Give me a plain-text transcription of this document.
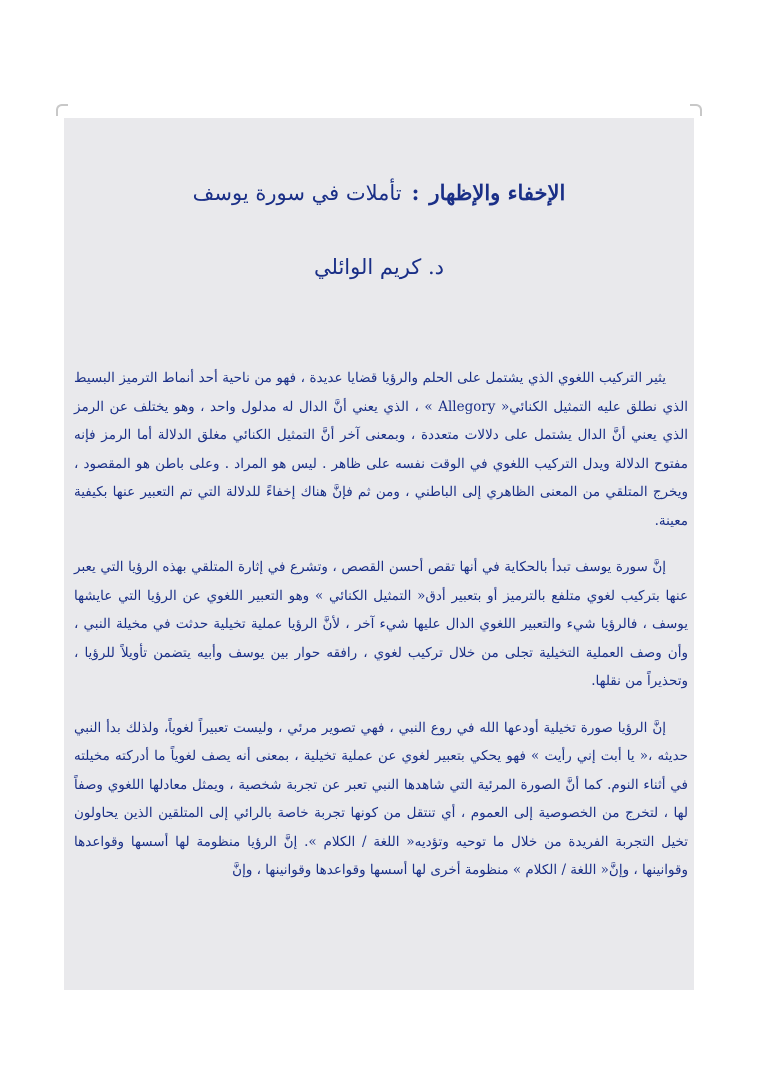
الإخفاء والإظهار:تأملات في سورة يوسف
د. كريم الوائلي

يثير التركيب اللغوي الذي يشتمل على الحلم والرؤيا قضايا عديدة ، فهو من ناحية أحد أنماط الترميز البسيط الذي نطلق عليه التمثيل الكنائي« Allegory » ، الذي يعني أنَّ الدال له مدلول واحد ، وهو يختلف عن الرمز الذي يعني أنَّ الدال يشتمل على دلالات متعددة ، وبمعنى آخر أنَّ التمثيل الكنائي مغلق الدلالة أما الرمز فإنه مفتوح الدلالة ويدل التركيب اللغوي في الوقت نفسه على ظاهر . ليس هو المراد . وعلى باطن هو المقصود ، ويخرج المتلقي من المعنى الظاهري إلى الباطني ، ومن ثم فإنَّ هناك إخفاءً للدلالة التي تم التعبير عنها بكيفية معينة.

إنَّ سورة يوسف تبدأ بالحكاية في أنها تقص أحسن القصص ، وتشرع في إثارة المتلقي بهذه الرؤيا التي يعبر عنها بتركيب لغوي متلفع بالترميز أو بتعبير أدق« التمثيل الكنائي » وهو التعبير اللغوي عن الرؤيا التي عايشها يوسف ، فالرؤيا شيء والتعبير اللغوي الدال عليها شيء آخر ، لأنَّ الرؤيا عملية تخيلية حدثت في مخيلة النبي ، وأن وصف العملية التخيلية تجلى من خلال تركيب لغوي ، رافقه حوار بين يوسف وأبيه يتضمن تأويلاً للرؤيا ، وتحذيراً من نقلها.

إنَّ الرؤيا صورة تخيلية أودعها الله في روع النبي ، فهي تصوير مرئي ، وليست تعبيراً لغوياً، ولذلك بدأ النبي حديثه ،« يا أبت إني رأيت » فهو يحكي بتعبير لغوي عن عملية تخيلية ، بمعنى أنه يصف لغوياً ما أدركته مخيلته في أثناء النوم. كما أنَّ الصورة المرئية التي شاهدها النبي تعبر عن تجربة شخصية ، ويمثل معادلها اللغوي وصفاً لها ، لتخرج من الخصوصية إلى العموم ، أي تنتقل من كونها تجربة خاصة بالرائي إلى المتلقين الذين يحاولون تخيل التجربة الفريدة من خلال ما توحيه وتؤديه« اللغة / الكلام ». إنَّ الرؤيا منظومة لها أسسها وقواعدها وقوانينها ، وإنَّ« اللغة / الكلام » منظومة أخرى لها أسسها وقواعدها وقوانينها ، وإنَّ
